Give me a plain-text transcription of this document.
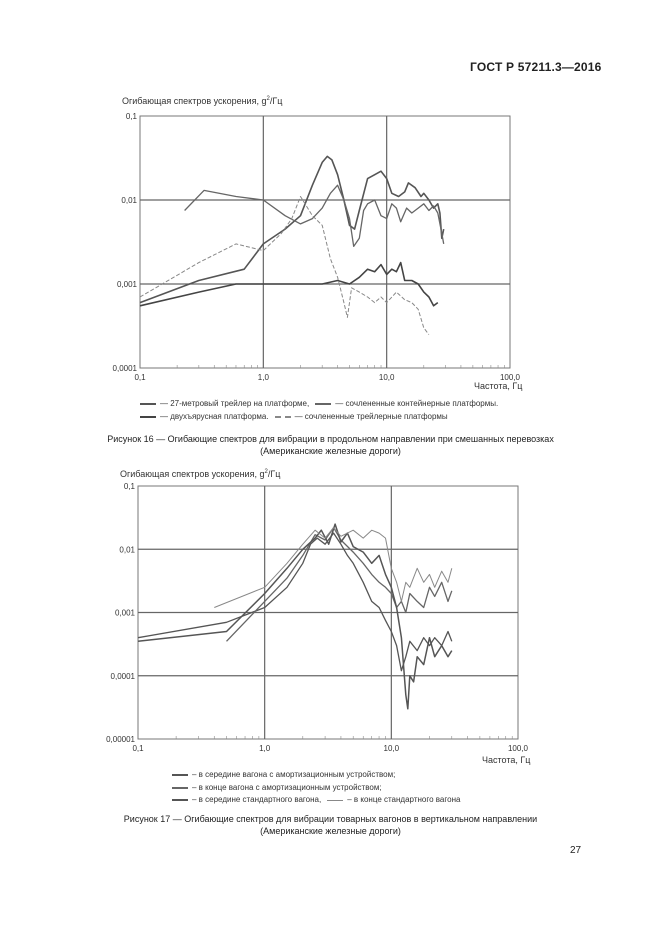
ГОСТ Р 57211.3—2016
Огибающая спектров ускорения, $g^2/Гц$
0,1	1,0	10,0	100,0
0,1
0,01
0,001
0,0001
Частота, Гц
— 27-метровый трейлер на платформе,	— сочлененные контейнерные платформы.
— двухъярусная платформа.	— сочлененные трейлерные платформы
Рисунок 16 — Огибающие спектров для вибрации в продольном направлении при смешанных перевозках
(Американские железные дороги)
Огибающая спектров ускорения, $g^2/Гц$
0,1	1,0	10,0	100,0
0,1
0,01
0,001
0,0001
0,00001
Частота, Гц
– в середине вагона с амортизационным устройством;
– в конце вагона с амортизационным устройством;
– в середине стандартного вагона,	– в конце стандартного вагона
Рисунок 17 — Огибающие спектров для вибрации товарных вагонов в вертикальном направлении
(Американские железные дороги)
27
